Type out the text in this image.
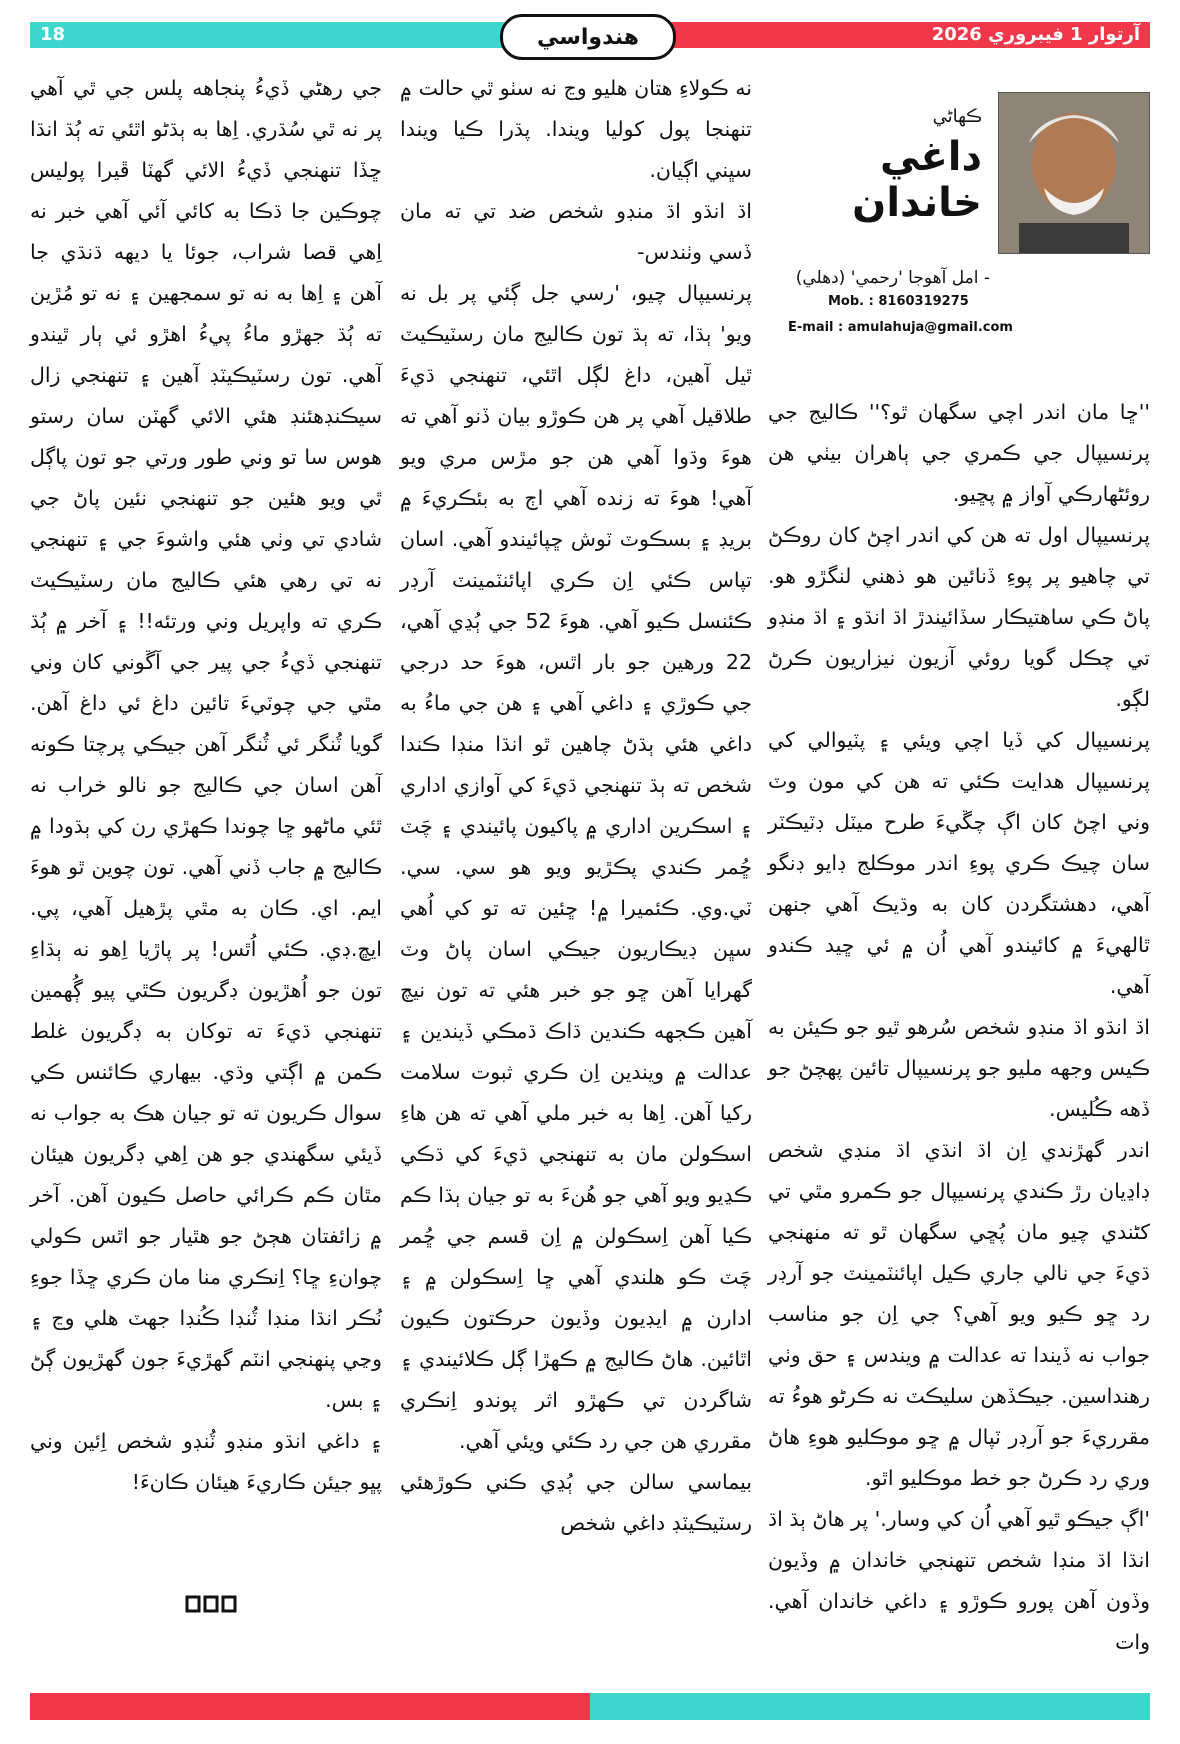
18	آرتوار 1 فيبروري 2026
هندواسي
ڪهاڻي
داغي خاندان
- امل آهوجا 'رحمي' (دهلي)
Mob. : 8160319275
E-mail : amulahuja@gmail.com

''ڇا مان اندر اچي سگهان ٿو؟'' ڪاليج جي پرنسيپال جي ڪمري جي ٻاهران بيٺي هن روئڻهارڪي آواز ۾ پڇيو.

پرنسيپال اول ته هن کي اندر اچڻ کان روڪڻ تي چاهيو پر پوءِ ڏنائين هو ذهني لنگڙو هو. پاڻ ڪي ساهتيڪار سڏائيندڙ اڌ انڌو ۽ اڌ منڊو تي چڪل گويا روئي آزيون نيزاريون ڪرڻ لڳو.

پرنسيپال کي ڏيا اچي ويئي ۽ پٽيوالي کي پرنسيپال هدايت ڪئي ته هن کي مون وٽ وني اچڻ کان اڳ چڱيءَ طرح ميٽل ڊٽيڪٽر سان چيڪ ڪري پوءِ اندر موڪلج ڊايو ڊنگو آهي، دهشتگردن کان به وڌيڪ آهي جنهن ٿالهيءَ ۾ کائيندو آهي اُن ۾ ئي ڇيد ڪندو آهي.

اڌ انڌو اڌ منڊو شخص سُرهو ٿيو جو ڪيئن به ڪيس وجهه مليو جو پرنسيپال تائين پهچڻ جو ڏهه ڪُليس.

اندر گهڙندي اِن اڌ انڌي اڌ منڊي شخص ڊاڍيان رڙ ڪندي پرنسيپال جو ڪمرو مٿي تي کڻندي چيو مان پُڇي سگهان ٿو ته منهنجي ڌيءَ جي نالي جاري ڪيل اپائنٽمينٽ جو آرڊر رد ڇو ڪيو ويو آهي؟ جي اِن جو مناسب جواب نه ڏيندا ته عدالت ۾ ويندس ۽ حق وٺي رهنداسين. جيڪڏهن سليڪٽ نه ڪرڻو هوءُ ته مقرريءَ جو آرڊر ٽپال ۾ ڇو موڪليو هوءِ هاڻ وري رد ڪرڻ جو خط موڪليو اٿو.

'اڳ جيڪو ٿيو آهي اُن کي وسار.' پر هاڻ ٻڌ اڌ انڌا اڌ منڊا شخص تنهنجي خاندان ۾ وڏيون وڏون آهن پورو ڪوڙو ۽ داغي خاندان آهي. وات

نه ڪولاءِ هتان هليو وڃ نه سٺو ٿي حالت ۾ تنهنجا پول کوليا ويندا. پڌرا ڪيا ويندا سڀني اڳيان.

اڌ انڌو اڌ منڊو شخص ضد تي ته مان ڏسي وٺندس-

پرنسيپال چيو، 'رسي جل ڳئي پر بل نه ويو' ٻڌا، ته ٻڌ تون ڪاليج مان رسٽيڪيٽ ٿيل آهين، داغ لڳل اٿئي، تنهنجي ڌيءَ طلاقيل آهي پر هن ڪوڙو بيان ڏنو آهي ته هوءَ وڌوا آهي هن جو مڙس مري ويو آهي! هوءَ ته زنده آهي اڄ به بئڪريءَ ۾ بريڊ ۽ بسڪوٽ ٽوش ڇپائيندو آهي. اسان تپاس ڪئي اِن ڪري اپائنٽمينٽ آرڊر ڪئنسل ڪيو آهي. هوءَ 52 جي ٻُڍي آهي، 22 ورهين جو بار اٿس، هوءَ حد درجي جي ڪوڙي ۽ داغي آهي ۽ هن جي ماءُ به داغي هئي ٻڌڻ چاهين ٿو انڌا منڊا ڪندا شخص ته ٻڌ تنهنجي ڌيءَ کي آوازي اداري ۽ اسڪرين اداري ۾ پاکيون پائيندي ۽ چَٽ ڇُمر ڪندي پڪڙيو ويو هو سي. سي. ٽي.وي. ڪئميرا ۾! ڇئين ته تو کي اُهي سڀن ڊيڪاريون جيڪي اسان پاڻ وٽ گهرايا آهن ڇو جو خبر هئي ته تون نيچ آهين ڪجهه ڪندين ڌاڪ ڌمڪي ڏيندين ۽ عدالت ۾ ويندين اِن ڪري ثبوت سلامت رکيا آهن. اِها به خبر ملي آهي ته هن هاءِ اسڪولن مان به تنهنجي ڌيءَ کي ڌڪي ڪڍيو ويو آهي جو هُنءَ به تو جيان ٻڌا ڪم ڪيا آهن اِسڪولن ۾ اِن قسم جي ڇُمر چَٽ ڪو هلندي آهي ڇا اِسڪولن ۾ ۽ ادارن ۾ ايڊيون وڏيون حرڪتون ڪيون اٿائين. هاڻ ڪاليج ۾ ڪهڙا ڳل ڪلائيندي ۽ شاگردن تي ڪهڙو اثر پوندو اِنڪري مقرري هن جي رد ڪئي ويئي آهي.

بيماسي سالن جي ٻُڍي ڪني ڪوڙهئي رسٽيڪيٽڊ داغي شخص

جي رهڻي ڏيءُ پنجاهه پلس جي ٿي آهي پر نه ٿي سُڌري. اِها به ٻڌڻو اٿئي ته ٻُڌ انڌا ڇڏا تنهنجي ڏيءُ الائي گهٽا ڦيرا پوليس چوڪين جا ڌڪا به کائي آئي آهي خبر نه اِهي قصا شراب، جوئا يا ديهه ڌنڌي جا آهن ۽ اِها به نه تو سمجهين ۽ نه تو مُڙين ته ٻُڌ جهڙو ماءُ پيءُ اهڙو ئي ٻار ٿيندو آهي. تون رسٽيڪيٽڊ آهين ۽ تنهنجي زال سيڪنڊهئنڊ هئي الائي گهٽن سان رستو هوس سا تو وني طور ورتي جو تون پاڳل ٿي ويو هئين جو تنهنجي نئين پاڻ جي شادي تي وٺي هئي واشوءَ جي ۽ تنهنجي نه تي رهي هئي ڪاليج مان رسٽيڪيٽ ڪري ته واپريل وني ورتئه!! ۽ آخر ۾ ٻُڌ تنهنجي ڏيءُ جي پير جي آڱوني کان وني مٿي جي چوٽيءَ تائين داغ ئي داغ آهن. گويا ٽُنگر ئي ٽُنگر آهن جيڪي پرچتا ڪونه آهن اسان جي ڪاليج جو نالو خراب نه ٿئي ماڻهو ڇا چوندا ڪهڙي رن کي ٻڌودا ۾ ڪاليج ۾ جاب ڏني آهي. تون چوين ٿو هوءَ ايم. اي. ڪان به مٿي پڙهيل آهي، پي. ايڇ.ڊي. ڪئي اُٿس! پر پاڙيا اِهو نه ٻڌاءِ تون جو اُهڙيون ڊگريون ڪٿي پيو ڳُهمين تنهنجي ڌيءَ ته توکان به ڊگريون غلط ڪمن ۾ اڳتي وڌي. بيهاري ڪائنس ڪي سوال ڪريون ته تو جيان هڪ به جواب نه ڏيئي سگهندي جو هن اِهي ڊگريون هيئان مٿان ڪم ڪرائي حاصل ڪيون آهن. آخر ۾ زائفتان هڄڻ جو هٿيار جو اٿس ڪولي چوانءِ ڇا؟ اِنڪري منا مان ڪري ڇڏا جوءِ نُڪر انڌا منڊا ٽُنڊا ڪُنڊا جهٽ هلي وڃ ۽ وڃي پنهنجي انٽم گهڙيءَ جون گهڙيون ڳڻ ۽ بس.

۽ داغي انڌو منڊو ٽُنڊو شخص اِئين وني پڀو جيئن ڪاريءَ هيئان ڪانءَ!
